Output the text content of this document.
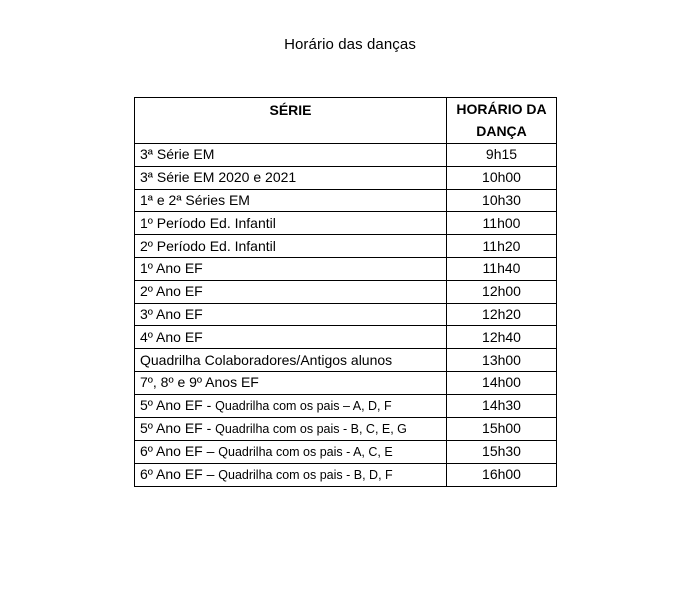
Horário das danças
SÉRIE	HORÁRIO DA
DANÇA

3ª Série EM	9h15
3ª Série EM 2020 e 2021	10h00
1ª e 2ª Séries EM	10h30
1º Período Ed. Infantil	11h00
2º Período Ed. Infantil	11h20
1º Ano EF	11h40
2º Ano EF	12h00
3º Ano EF	12h20
4º Ano EF	12h40
Quadrilha Colaboradores/Antigos alunos	13h00
7º, 8º e 9º Anos EF	14h00
5º Ano EF - Quadrilha com os pais – A, D, F	14h30
5º Ano EF - Quadrilha com os pais - B, C, E, G	15h00
6º Ano EF – Quadrilha com os pais - A, C, E	15h30
6º Ano EF – Quadrilha com os pais - B, D, F	16h00
